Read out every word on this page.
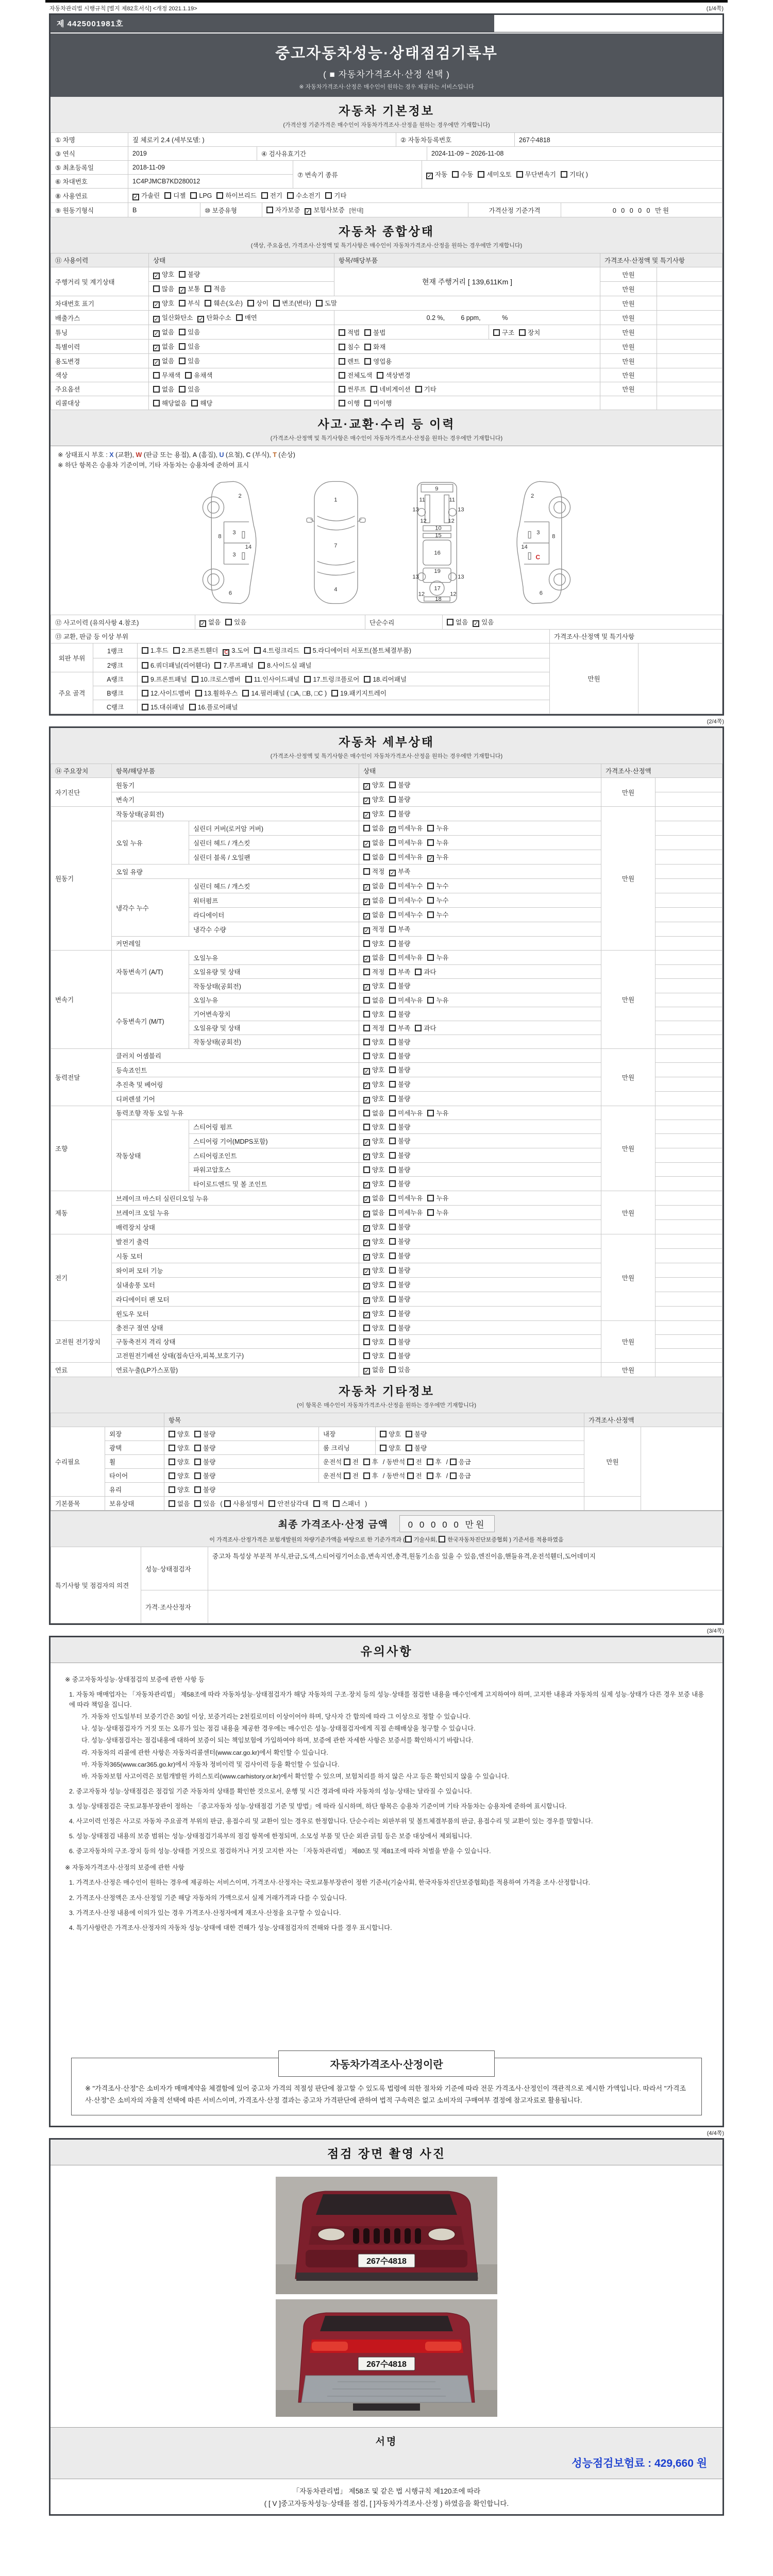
자동차관리법 시행규칙 [별지 제82호서식] <개정 2021.1.19>	(1/4쪽)
제 4425001981호
중고자동차성능·상태점검기록부
( ■ 자동차가격조사·산정 선택 )
※ 자동차가격조사·산정은 매수인이 원하는 경우 제공하는 서비스입니다
자동차 기본정보
(가격산정 기준가격은 매수인이 자동차가격조사·산정을 원하는 경우에만 기재합니다)
① 차명	짚 체로키 2.4 (세부모델: )	② 자동차등록번호	267수4818
③ 연식	2019	④ 검사유효기간	2024-11-09 ~ 2026-11-08
⑤ 최초등록일	2018-11-09	⑦ 변속기 종류	✓ 자동 수동 세미오토 무단변속기 기타( )
⑥ 차대번호	1C4PJMCB7KD280012		
⑧ 사용연료	✓ 가솔린 디젤 LPG 하이브리드 전기 수소전기 기타
⑨ 원동기형식	B	⑩ 보증유형	자가보증 ✓ 보험사보증 [현대]	가격산정 기준가격	0 0 0 0 0 만원
자동차 종합상태
(색상, 주요옵션, 가격조사·산정액 및 특기사항은 매수인이 자동차가격조사·산정을 원하는 경우에만 기재합니다)
⑪ 사용이력	상태	항목/해당부품		가격조사·산정액 및 특기사항	
주행거리 및 계기상태	✓ 양호 불량	현재 주행거리 [ 139,611Km ]		만원	
	많음 ✓ 보통 적음			만원	
차대번호 표기	✓ 양호 부식 훼손(오손) 상이 변조(변타) 도말			만원	
배출가스	✓ 일산화탄소 ✓ 탄화수소 매연	0.2 %,         6 ppm,            %		만원	
튜닝	✓ 없음 있음	적법 불법	구조 장치	만원	
특별이력	✓ 없음 있음	침수 화재		만원	
용도변경	✓ 없음 있음	렌트 영업용		만원	
색상	무채색 유채색	전체도색 색상변경		만원	
주요옵션	없음 있음	썬루프 네비게이션 기타		만원	
리콜대상	해당없음 해당	이행 미이행			
사고·교환·수리 등 이력
(가격조사·산정액 및 특기사항은 매수인이 자동차가격조사·산정을 원하는 경우에만 기재합니다)
※ 상태표시 부호 : X (교환), W (판금 또는 용접), A (흠집), U (요철), C (부식), T (손상)
※ 하단 항목은 승용차 기준이며, 기타 자동차는 승용차에 준하여 표시
2
8
3
14
3
6
1
7
4
9
11	11
13	13
12	12
10
15
16
19
13	13
17
12	12
18
2
3
8
14
C
6
⑫ 사고이력 (유의사항 4.참조)	✓ 없음 있음	단순수리	없음 ✓ 있음
⑬ 교환, 판금 등 이상 부위			가격조사·산정액 및 특기사항	
외판 부위	1랭크	1.후드 2.프론트휀더 C 3.도어 4.트렁크리드 5.라디에이터 서포트(볼트체결부품)	만원	
	2랭크	6.쿼더패널(리어휀다) 7.루프패널 8.사이드실 패널		
주요 골격	A랭크	9.프론트패널 10.크로스멤버 11.인사이드패널 17.트렁크플로어 18.리어패널		
	B랭크	12.사이드멤버 13.휠하우스 14.필러패널 ( □A, □B, □C ) 19.패키지트레이		
	C랭크	15.대쉬패널 16.플로어패널		
(2/4쪽)
자동차 세부상태
(가격조사·산정액 및 특기사항은 매수인이 자동차가격조사·산정을 원하는 경우에만 기재합니다)
⑭ 주요장치	항목/해당부품		상태	가격조사·산정액	
자기진단	원동기		✓ 양호 불량	만원	
	변속기		✓ 양호 불량		
원동기	작동상태(공회전)		✓ 양호 불량	만원	
	오일 누유	실린더 커버(로커암 커버)	없음 ✓ 미세누유 누유		
		실린더 헤드 / 개스킷	✓ 없음 미세누유 누유		
		실린더 블록 / 오일팬	없음 미세누유 ✓ 누유		
	오일 유량		적정 ✓ 부족		
	냉각수 누수	실린더 헤드 / 개스킷	✓ 없음 미세누수 누수		
		워터펌프	✓ 없음 미세누수 누수		
		라디에이터	✓ 없음 미세누수 누수		
		냉각수 수량	✓ 적정 부족		
	커먼레일		양호 불량		
변속기	자동변속기 (A/T)	오일누유	✓ 없음 미세누유 누유	만원	
		오일유량 및 상태	적정 부족 과다		
		작동상태(공회전)	✓ 양호 불량		
	수동변속기 (M/T)	오일누유	없음 미세누유 누유		
		기어변속장치	양호 불량		
		오일유량 및 상태	적정 부족 과다		
		작동상태(공회전)	양호 불량		
동력전달	클러치 어셈블리		양호 불량	만원	
	등속죠인트		✓ 양호 불량		
	추진축 및 베어링		✓ 양호 불량		
	디퍼렌셜 기어		✓ 양호 불량		
조향	동력조향 작동 오일 누유		없음 미세누유 누유	만원	
	작동상태	스티어링 펌프	양호 불량		
		스티어링 기어(MDPS포함)	✓ 양호 불량		
		스티어링조인트	✓ 양호 불량		
		파워고압호스	양호 불량		
		타이로드엔드 및 볼 조인트	✓ 양호 불량		
제동	브레이크 마스터 실린더오일 누유		✓ 없음 미세누유 누유	만원	
	브레이크 오일 누유		✓ 없음 미세누유 누유		
	배력장치 상태		✓ 양호 불량		
전기	발전기 출력		✓ 양호 불량	만원	
	시동 모터		✓ 양호 불량		
	와이퍼 모터 기능		✓ 양호 불량		
	실내송풍 모터		✓ 양호 불량		
	라디에이터 팬 모터		✓ 양호 불량		
	윈도우 모터		✓ 양호 불량		
고전원 전기장치	충전구 절연 상태		양호 불량	만원	
	구동축전지 격리 상태		양호 불량		
	고전원전기배선 상태(접속단자,피복,보호기구)		양호 불량		
연료	연료누출(LP가스포함)		✓ 없음 있음	만원	
자동차 기타정보
(이 항목은 매수인이 자동차가격조사·산정을 원하는 경우에만 기재합니다)
		항목			가격조사·산정액	
수리필요	외장	양호 불량	내장	양호 불량	만원	
	광택	양호 불량	룸 크리닝	양호 불량		
	휠	양호 불량	운전석 전 후 / 동반석 전 후 / 응급			
	타이어	양호 불량	운전석 전 후 / 동반석 전 후 / 응급			
	유리	양호 불량				
기본품목	보유상태	없음 있음 ( 사용설명서 안전삼각대 잭 스패너 )				
최종 가격조사·산정 금액 0 0 0 0 0 만원
이 가격조사·산정가격은 보험개발원의 차량기준가액을 바탕으로 한 기준가격과 ( 기술사회, 한국자동차진단보증협회 ) 기준서를 적용하였음
특기사항 및 점검자의 의견	성능·상태점검자	중고차 특성상 부분적 부식,판금,도색,스티어링기어소음,변속지연,충격,원동기소음 있을 수 있음,엔진이음,핸들유격,운전석휀더,도어데미지
	가격·조사산정자	
(3/4쪽)
유의사항
※ 중고자동차성능·상태점검의 보증에 관한 사항 등
1. 자동차 매매업자는 「자동차관리법」 제58조에 따라 자동차성능·상태점검자가 해당 자동차의 구조·장치 등의 성능·상태를 점검한 내용을 매수인에게 고지하여야 하며, 고지한 내용과 자동차의 실제 성능·상태가 다른 경우 보증 내용에 따라 책임을 집니다.
가. 자동차 인도일부터 보증기간은 30일 이상, 보증거리는 2천킬로미터 이상이어야 하며, 당사자 간 합의에 따라 그 이상으로 정할 수 있습니다.
나. 성능·상태점검자가 거짓 또는 오류가 있는 점검 내용을 제공한 경우에는 매수인은 성능·상태점검자에게 직접 손해배상을 청구할 수 있습니다.
다. 성능·상태점검자는 점검내용에 대하여 보증이 되는 책임보험에 가입하여야 하며, 보증에 관한 자세한 사항은 보증서를 확인하시기 바랍니다.
라. 자동차의 리콜에 관한 사항은 자동차리콜센터(www.car.go.kr)에서 확인할 수 있습니다.
마. 자동차365(www.car365.go.kr)에서 자동차 정비이력 및 검사이력 등을 확인할 수 있습니다.
바. 자동차보험 사고이력은 보험개발원 카히스토리(www.carhistory.or.kr)에서 확인할 수 있으며, 보험처리를 하지 않은 사고 등은 확인되지 않을 수 있습니다.
2. 중고자동차 성능·상태점검은 점검일 기준 자동차의 상태를 확인한 것으로서, 운행 및 시간 경과에 따라 자동차의 성능·상태는 달라질 수 있습니다.
3. 성능·상태점검은 국토교통부장관이 정하는 「중고자동차 성능·상태점검 기준 및 방법」에 따라 실시하며, 하단 항목은 승용차 기준이며 기타 자동차는 승용차에 준하여 표시합니다.
4. 사고이력 인정은 사고로 자동차 주요골격 부위의 판금, 용접수리 및 교환이 있는 경우로 한정합니다. 단순수리는 외판부위 및 볼트체결부품의 판금, 용접수리 및 교환이 있는 경우를 말합니다.
5. 성능·상태점검 내용의 보증 범위는 성능·상태점검기록부의 점검 항목에 한정되며, 소모성 부품 및 단순 외관 긁힘 등은 보증 대상에서 제외됩니다.
6. 중고자동차의 구조·장치 등의 성능·상태를 거짓으로 점검하거나 거짓 고지한 자는 「자동차관리법」 제80조 및 제81조에 따라 처벌을 받을 수 있습니다.
※ 자동차가격조사·산정의 보증에 관한 사항
1. 가격조사·산정은 매수인이 원하는 경우에 제공하는 서비스이며, 가격조사·산정자는 국토교통부장관이 정한 기준서(기술사회, 한국자동차진단보증협회)를 적용하여 가격을 조사·산정합니다.
2. 가격조사·산정액은 조사·산정일 기준 해당 자동차의 가액으로서 실제 거래가격과 다를 수 있습니다.
3. 가격조사·산정 내용에 이의가 있는 경우 가격조사·산정자에게 재조사·산정을 요구할 수 있습니다.
4. 특기사항란은 가격조사·산정자의 자동차 성능·상태에 대한 견해가 성능·상태점검자의 견해와 다를 경우 표시합니다.
자동차가격조사·산정이란
※ "가격조사·산정"은 소비자가 매매계약을 체결함에 있어 중고차 가격의 적절성 판단에 참고할 수 있도록 법령에 의한 절차와 기준에 따라 전문 가격조사·산정인이 객관적으로 제시한 가액입니다. 따라서 "가격조사·산정"은 소비자의 자율적 선택에 따른 서비스이며, 가격조사·산정 결과는 중고차 가격판단에 관하여 법적 구속력은 없고 소비자의 구매여부 결정에 참고자료로 활용됩니다.
(4/4쪽)
점검 장면 촬영 사진
267수4818
267수4818
서명
성능점검보험료 : 429,660 원
「자동차관리법」 제58조 및 같은 법 시행규칙 제120조에 따라
( [ V ]중고자동차성능·상태를 점검, [ ]자동차가격조사·산정 ) 하였음을 확인합니다.
